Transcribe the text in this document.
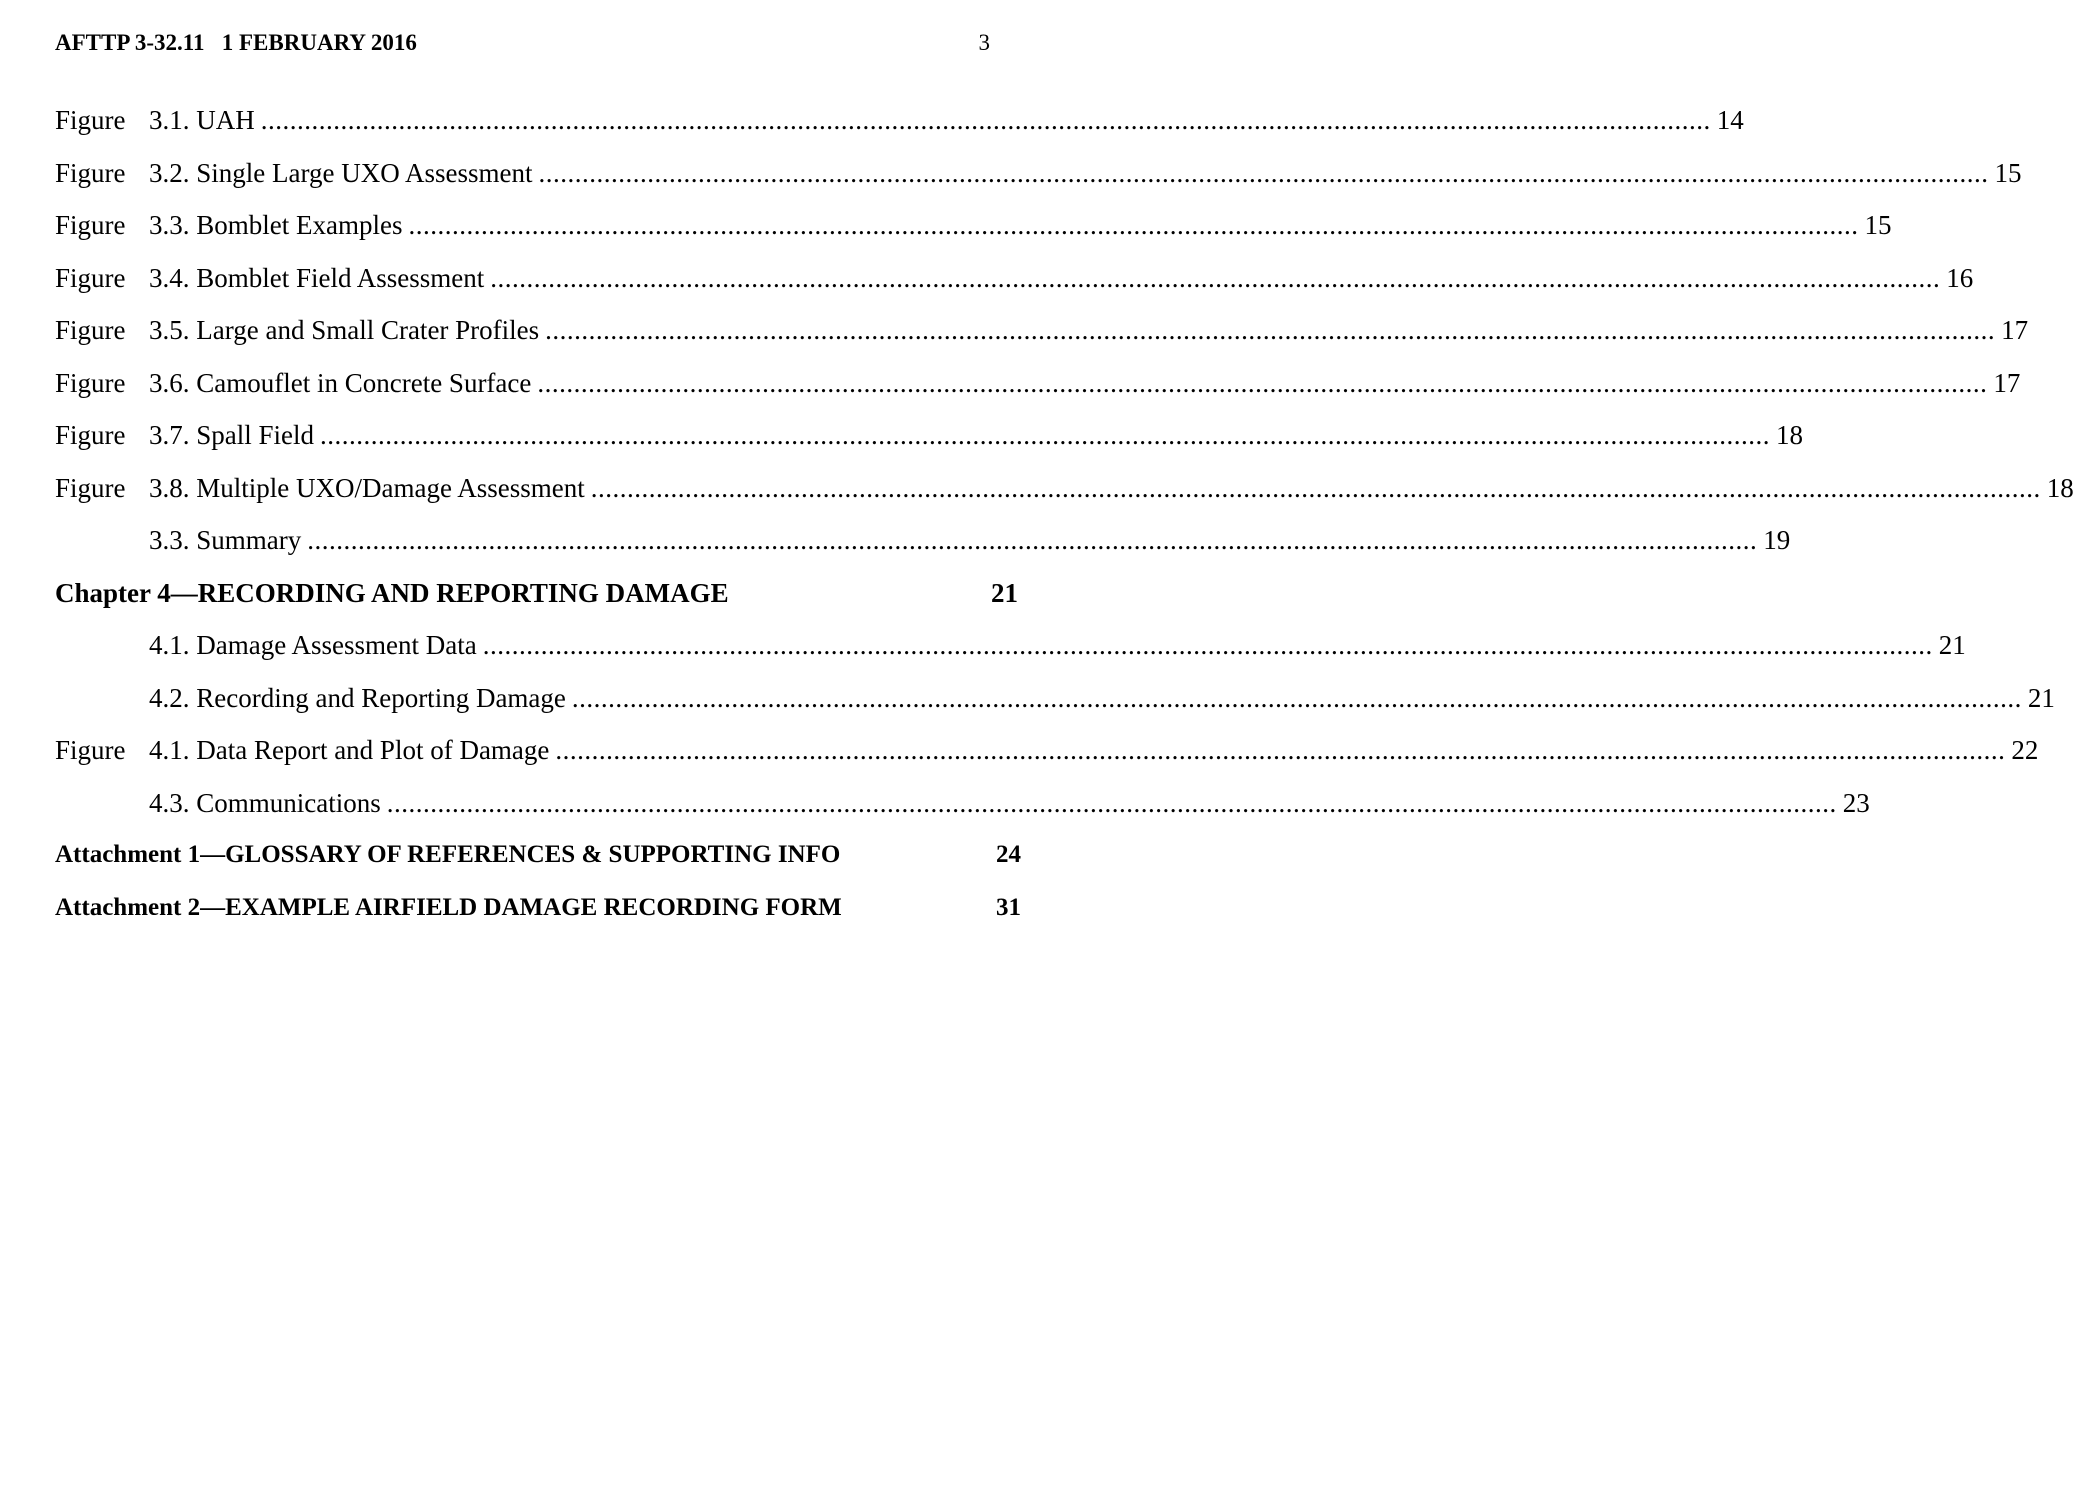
AFTTP 3-32.11   1 FEBRUARY 2016	3
Figure 3.1. UAH ........................................................................................................................................................................................................ 14
Figure 3.2. Single Large UXO Assessment ........................................................................................................................................................................................................ 15
Figure 3.3. Bomblet Examples ........................................................................................................................................................................................................ 15
Figure 3.4. Bomblet Field Assessment ........................................................................................................................................................................................................ 16
Figure 3.5. Large and Small Crater Profiles ........................................................................................................................................................................................................ 17
Figure 3.6. Camouflet in Concrete Surface ........................................................................................................................................................................................................ 17
Figure 3.7. Spall Field ........................................................................................................................................................................................................ 18
Figure 3.8. Multiple UXO/Damage Assessment ........................................................................................................................................................................................................ 18
3.3. Summary ........................................................................................................................................................................................................ 19
Chapter 4—RECORDING AND REPORTING DAMAGE	21
4.1. Damage Assessment Data ........................................................................................................................................................................................................ 21
4.2. Recording and Reporting Damage ........................................................................................................................................................................................................ 21
Figure 4.1. Data Report and Plot of Damage ........................................................................................................................................................................................................ 22
4.3. Communications ........................................................................................................................................................................................................ 23
Attachment 1—GLOSSARY OF REFERENCES & SUPPORTING INFO	24
Attachment 2—EXAMPLE AIRFIELD DAMAGE RECORDING FORM	31
